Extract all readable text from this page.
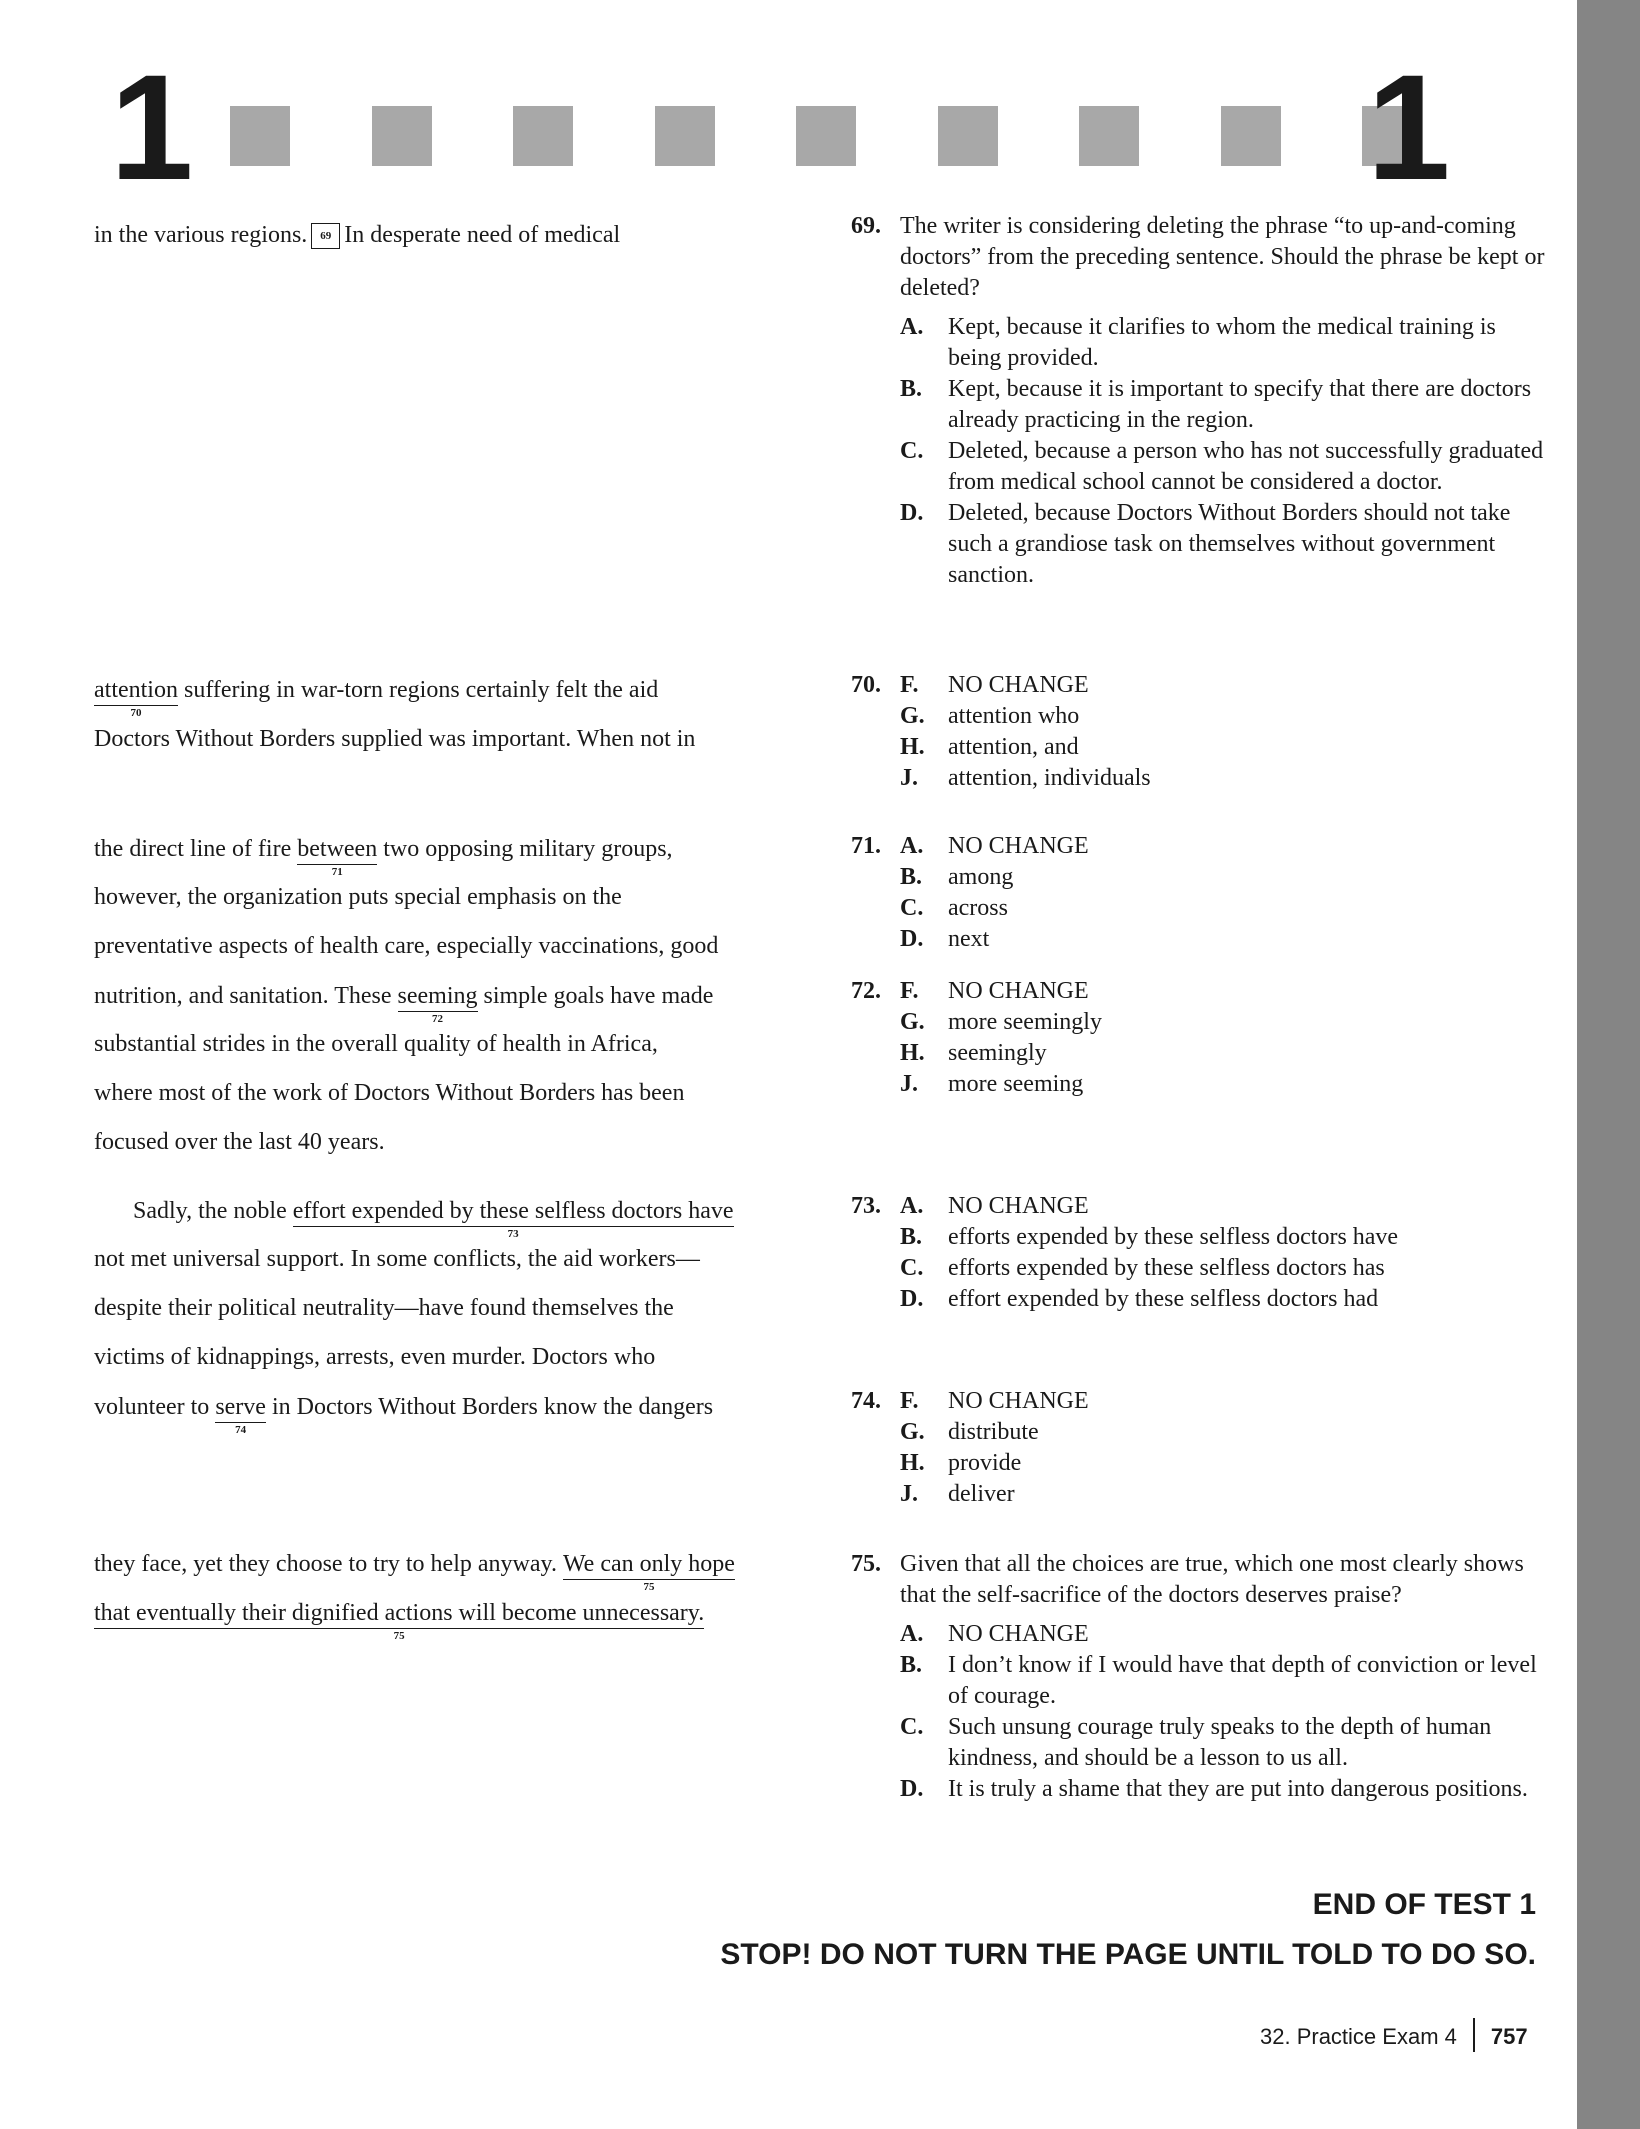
1	1
in the various regions. 69 In desperate need of medical
attention
70
suffering in war-torn regions certainly felt the aid
Doctors Without Borders supplied was important. When not in
the direct line of fire between
71
two opposing military groups,
however, the organization puts special emphasis on the
preventative aspects of health care, especially vaccinations, good
nutrition, and sanitation. These seeming
72
simple goals have made
substantial strides in the overall quality of health in Africa,
where most of the work of Doctors Without Borders has been
focused over the last 40 years.
Sadly, the noble effort expended by these selfless doctors have
73
not met universal support. In some conflicts, the aid workers—
despite their political neutrality—have found themselves the
victims of kidnappings, arrests, even murder. Doctors who
volunteer to serve
74
in Doctors Without Borders know the dangers
they face, yet they choose to try to help anyway. We can only hope
75
that eventually their dignified actions will become unnecessary.
75
69. The writer is considering deleting the phrase “to up-and-coming doctors” from the preceding sentence. Should the phrase be kept or deleted?
A.	Kept, because it clarifies to whom the medical training is being provided.
B.	Kept, because it is important to specify that there are doctors already practicing in the region.
C.	Deleted, because a person who has not successfully graduated from medical school cannot be considered a doctor.
D.	Deleted, because Doctors Without Borders should not take such a grandiose task on themselves without government sanction.
70. F.	NO CHANGE
G. attention who
H. attention, and
J.	attention, individuals
71. A.	NO CHANGE
B.	among
C.	across
D.	next
72. F.	NO CHANGE
G. more seemingly
H. seemingly
J.	more seeming
73. A.	NO CHANGE
B.	efforts expended by these selfless doctors have
C.	efforts expended by these selfless doctors has
D.	effort expended by these selfless doctors had
74. F.	NO CHANGE
G. distribute
H. provide
J.	deliver
75. Given that all the choices are true, which one most clearly shows that the self-sacrifice of the doctors deserves praise?
A.	NO CHANGE
B.	I don’t know if I would have that depth of conviction or level of courage.
C.	Such unsung courage truly speaks to the depth of human kindness, and should be a lesson to us all.
D.	It is truly a shame that they are put into dangerous positions.
END OF TEST 1
STOP! DO NOT TURN THE PAGE UNTIL TOLD TO DO SO.
32. Practice Exam 4 757
